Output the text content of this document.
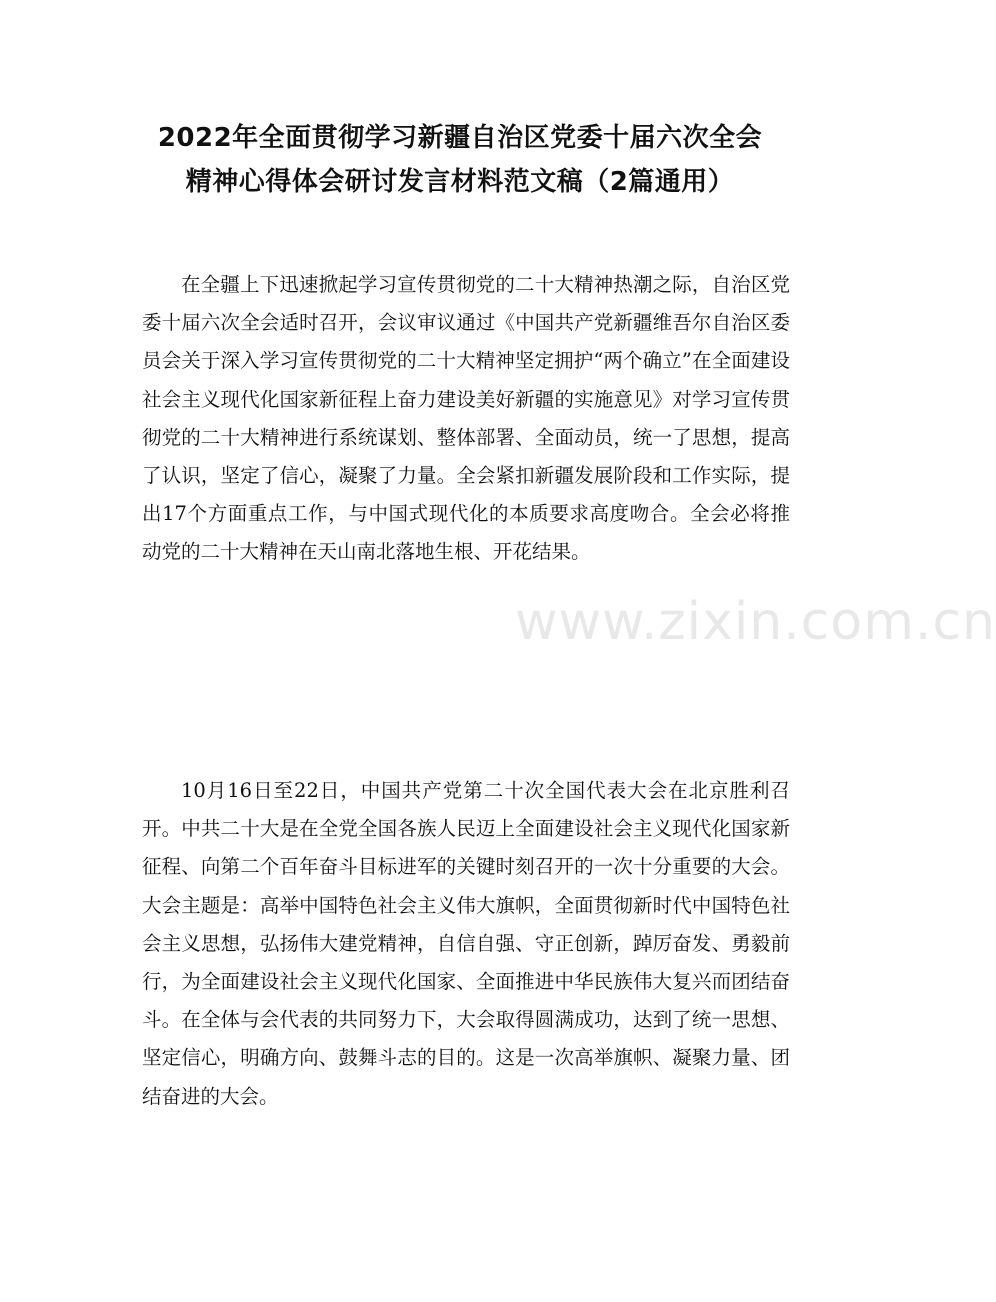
2022年全面贯彻学习新疆自治区党委十届六次全会
精神心得体会研讨发言材料范文稿（2篇通用）

在全疆上下迅速掀起学习宣传贯彻党的二十大精神热潮之际，自治区党委十届六次全会适时召开，会议审议通过《中国共产党新疆维吾尔自治区委员会关于深入学习宣传贯彻党的二十大精神坚定拥护“两个确立”在全面建设社会主义现代化国家新征程上奋力建设美好新疆的实施意见》对学习宣传贯彻党的二十大精神进行系统谋划、整体部署、全面动员，统一了思想，提高了认识，坚定了信心，凝聚了力量。全会紧扣新疆发展阶段和工作实际，提出17个方面重点工作，与中国式现代化的本质要求高度吻合。全会必将推动党的二十大精神在天山南北落地生根、开花结果。

10月16日至22日，中国共产党第二十次全国代表大会在北京胜利召开。中共二十大是在全党全国各族人民迈上全面建设社会主义现代化国家新征程、向第二个百年奋斗目标进军的关键时刻召开的一次十分重要的大会。大会主题是：高举中国特色社会主义伟大旗帜，全面贯彻新时代中国特色社会主义思想，弘扬伟大建党精神，自信自强、守正创新，踔厉奋发、勇毅前行，为全面建设社会主义现代化国家、全面推进中华民族伟大复兴而团结奋斗。在全体与会代表的共同努力下，大会取得圆满成功，达到了统一思想、坚定信心，明确方向、鼓舞斗志的目的。这是一次高举旗帜、凝聚力量、团结奋进的大会。

www.zixin.com.cn
